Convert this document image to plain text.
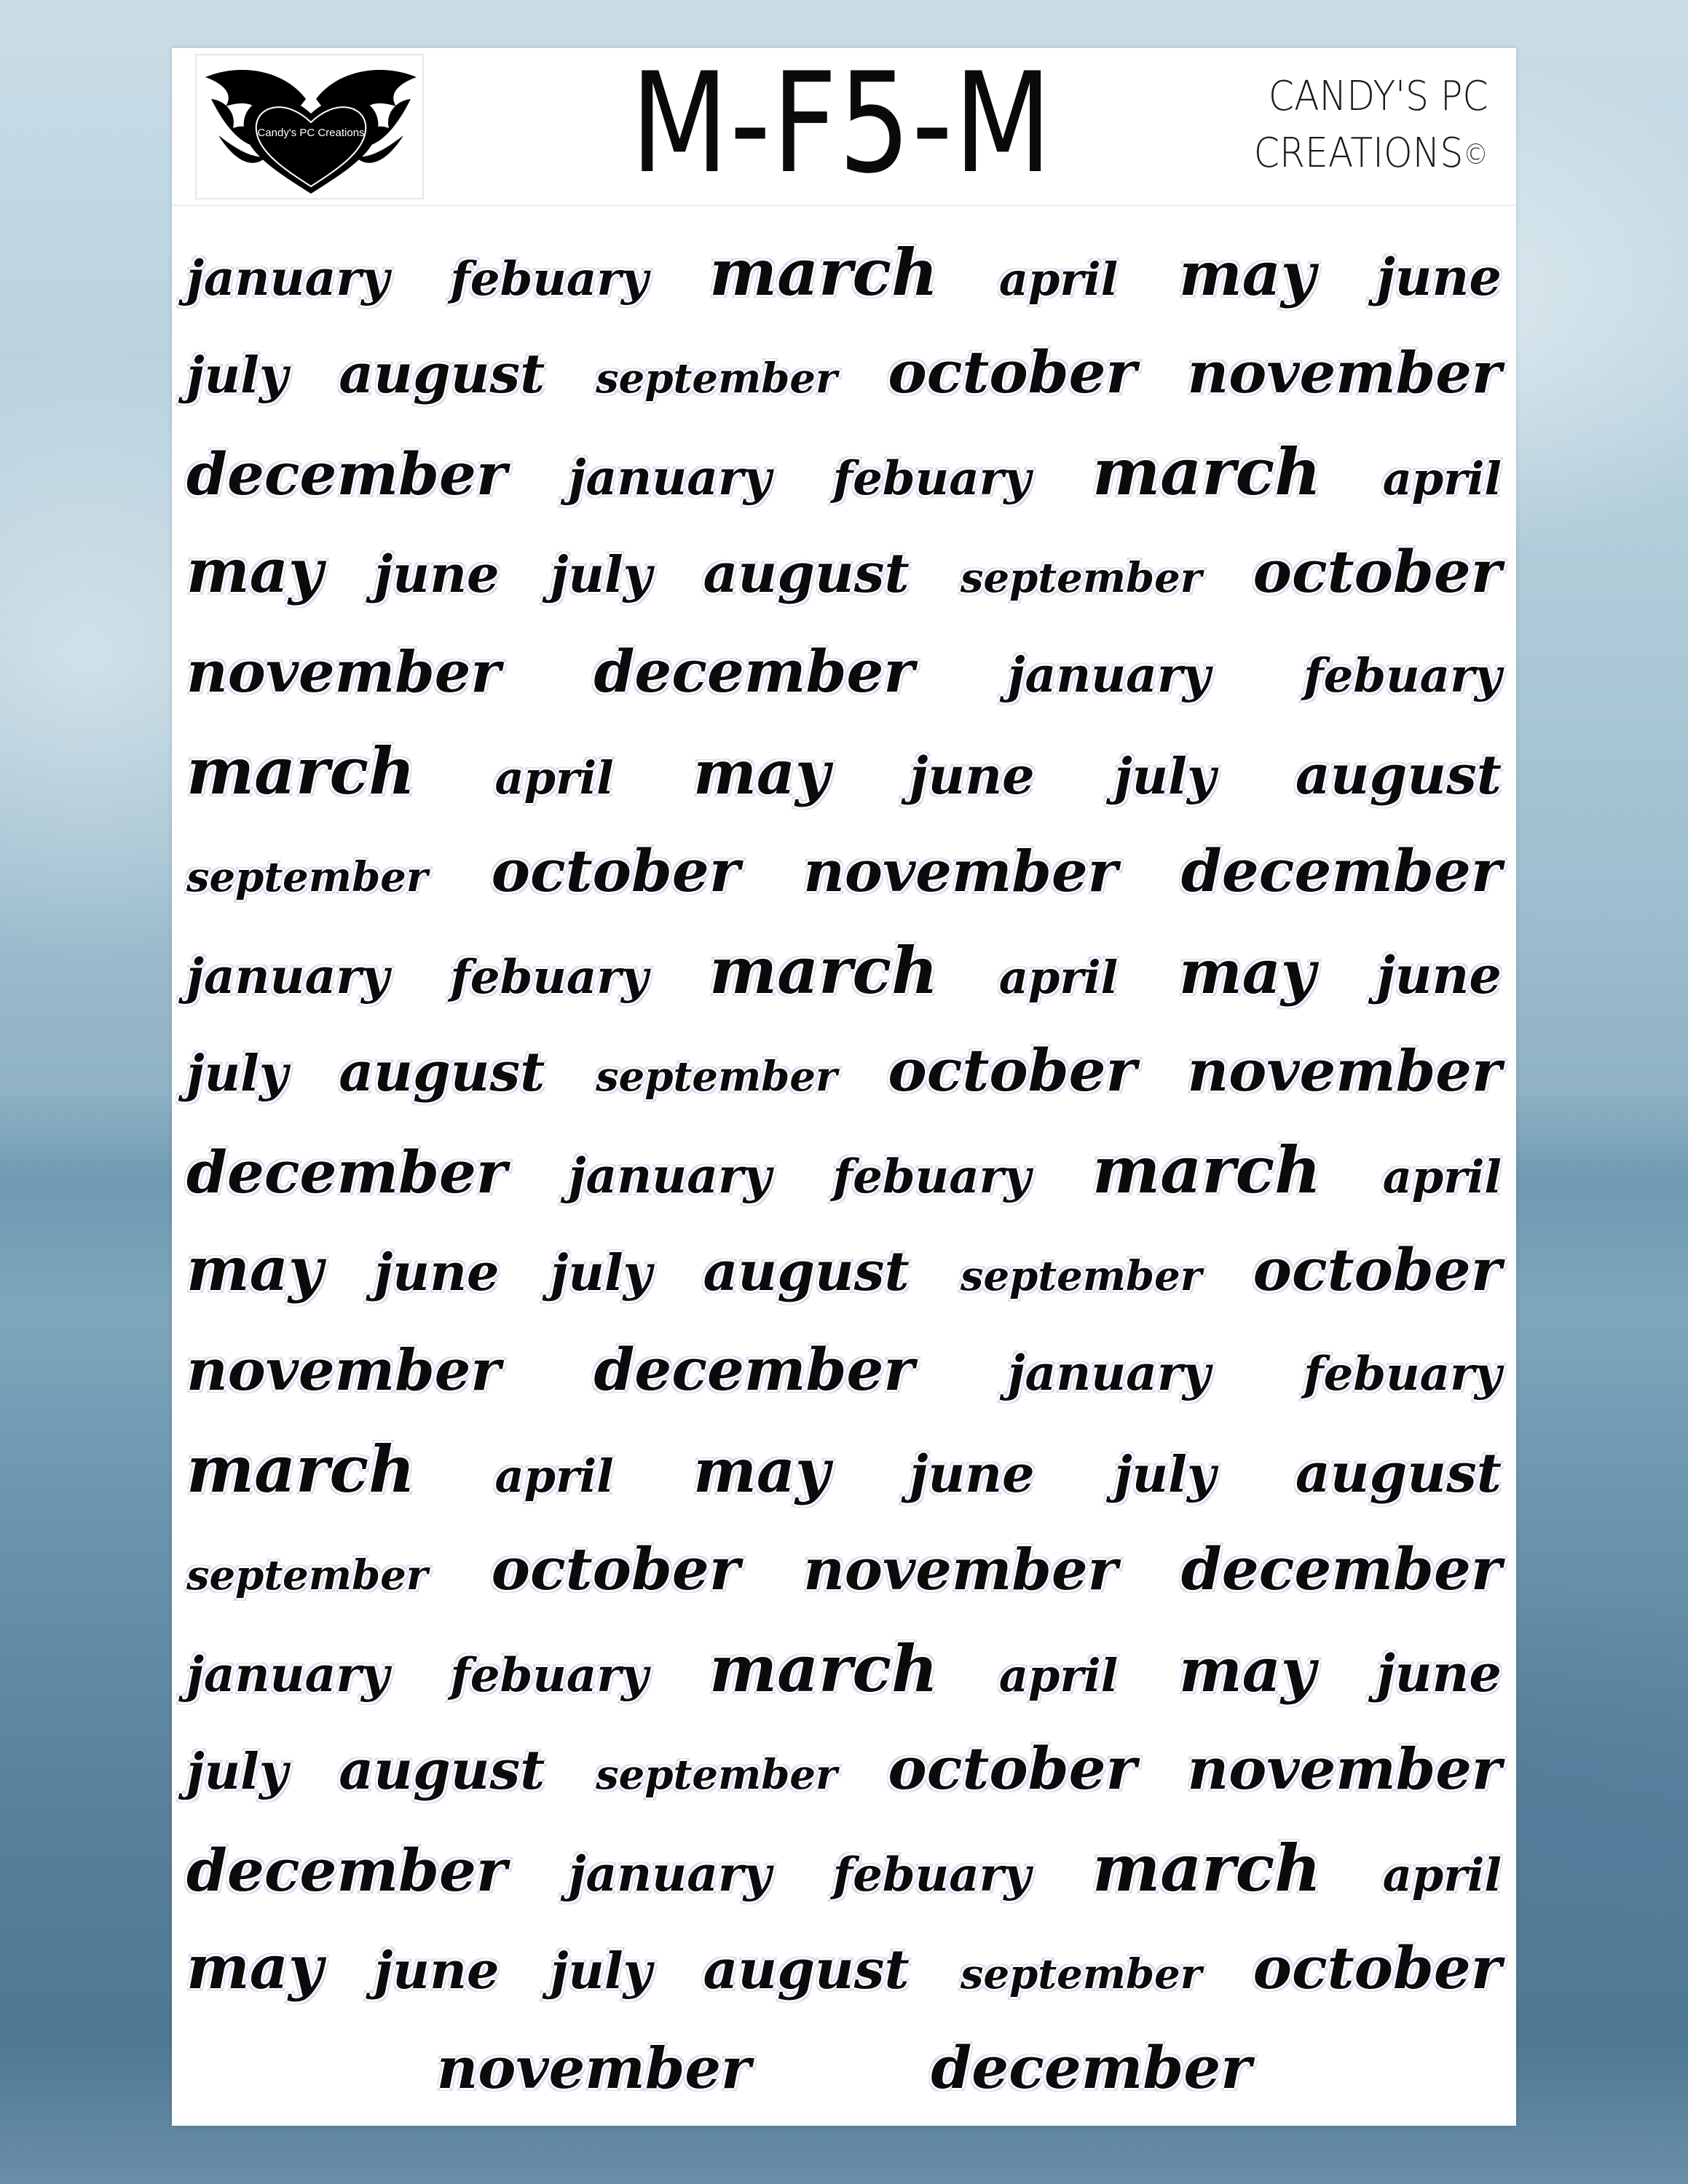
Candy's PC Creations M-F5-M	CANDY'S PC
CREATIONS©
january febuary march april may june
july august september october november
december january febuary march april
may june july august september october
november december january febuary
march april may june july august
september october november december
january febuary march april may june
july august september october november
december january febuary march april
may june july august september october
november december january febuary
march april may june july august
september october november december
january febuary march april may june
july august september october november
december january febuary march april
may june july august september october
november	december
